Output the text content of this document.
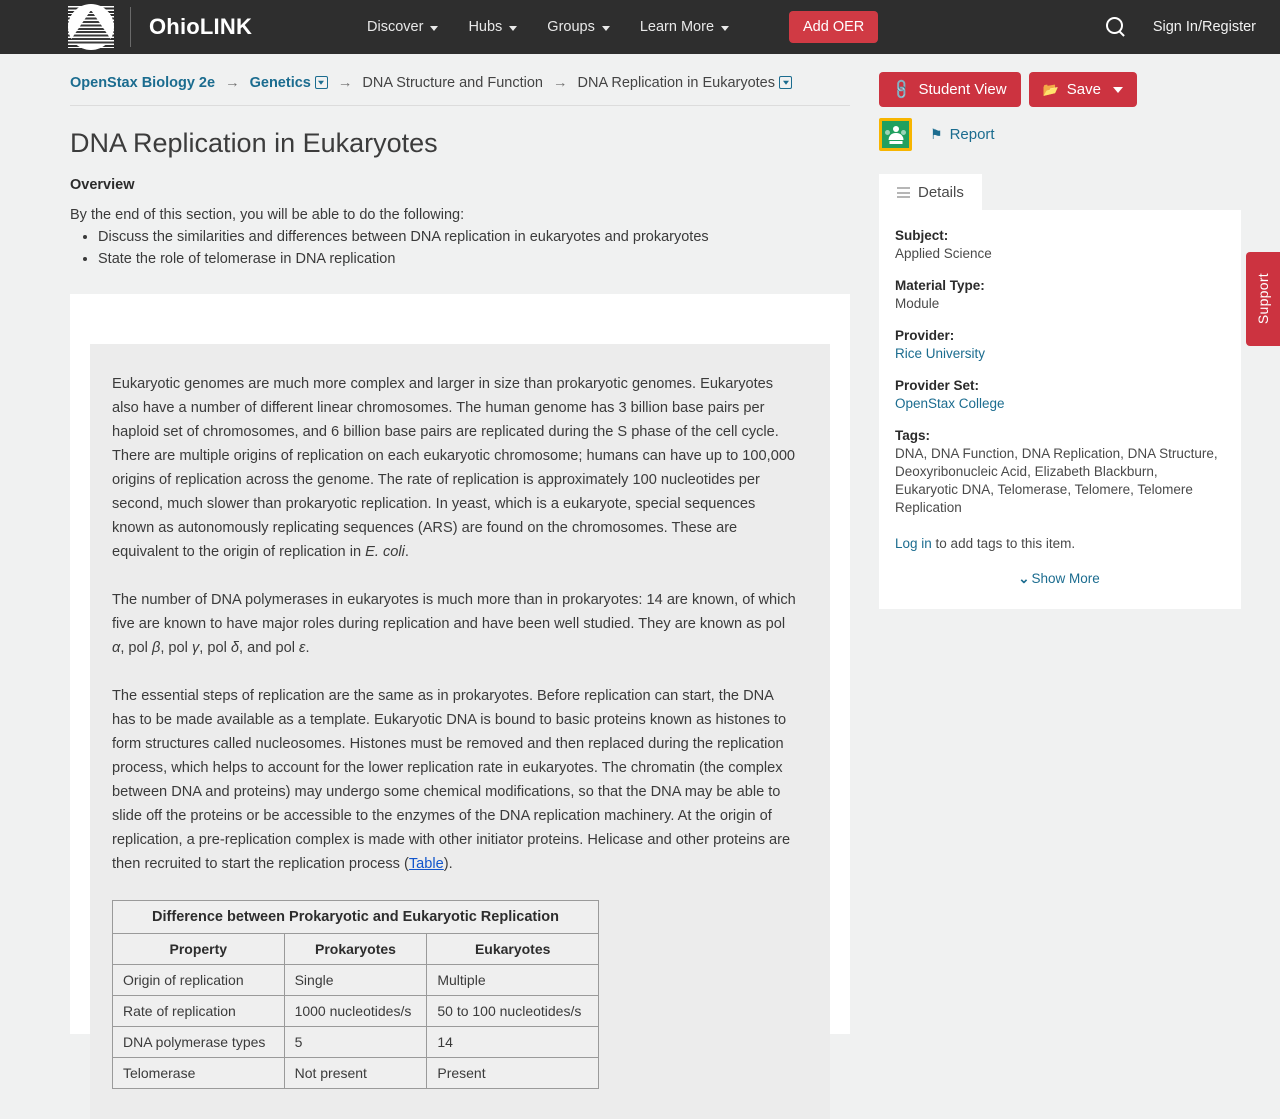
OhioLINK	Discover	Hubs	Groups	Learn More	Add OER	Sign In/Register
OpenStax Biology 2e → Genetics → DNA Structure and Function → DNA Replication in Eukaryotes
DNA Replication in Eukaryotes
Overview

By the end of this section, you will be able to do the following:

• Discuss the similarities and differences between DNA replication in eukaryotes and prokaryotes
• State the role of telomerase in DNA replication

Eukaryotic genomes are much more complex and larger in size than prokaryotic genomes. Eukaryotes also have a number of different linear chromosomes. The human genome has 3 billion base pairs per haploid set of chromosomes, and 6 billion base pairs are replicated during the S phase of the cell cycle. There are multiple origins of replication on each eukaryotic chromosome; humans can have up to 100,000 origins of replication across the genome. The rate of replication is approximately 100 nucleotides per second, much slower than prokaryotic replication. In yeast, which is a eukaryote, special sequences known as autonomously replicating sequences (ARS) are found on the chromosomes. These are equivalent to the origin of replication in E. coli.

The number of DNA polymerases in eukaryotes is much more than in prokaryotes: 14 are known, of which five are known to have major roles during replication and have been well studied. They are known as pol α, pol β, pol γ, pol δ, and pol ε.

The essential steps of replication are the same as in prokaryotes. Before replication can start, the DNA has to be made available as a template. Eukaryotic DNA is bound to basic proteins known as histones to form structures called nucleosomes. Histones must be removed and then replaced during the replication process, which helps to account for the lower replication rate in eukaryotes. The chromatin (the complex between DNA and proteins) may undergo some chemical modifications, so that the DNA may be able to slide off the proteins or be accessible to the enzymes of the DNA replication machinery. At the origin of replication, a pre-replication complex is made with other initiator proteins. Helicase and other proteins are then recruited to start the replication process (Table).

Difference between Prokaryotic and Eukaryotic Replication		
Property	Prokaryotes	Eukaryotes
Origin of replication	Single	Multiple
Rate of replication	1000 nucleotides/s	50 to 100 nucleotides/s
DNA polymerase types	5	14
Telomerase	Not present	Present
🔗 Student View	📂 Save
⚑ Report
Details
Subject:
Applied Science
Material Type:
Module
Provider:
Rice University
Provider Set:
OpenStax College
Tags:
DNA, DNA Function, DNA Replication, DNA Structure, Deoxyribonucleic Acid, Elizabeth Blackburn, Eukaryotic DNA, Telomerase, Telomere, Telomere Replication
Log in to add tags to this item.
⌄ Show More
Support
